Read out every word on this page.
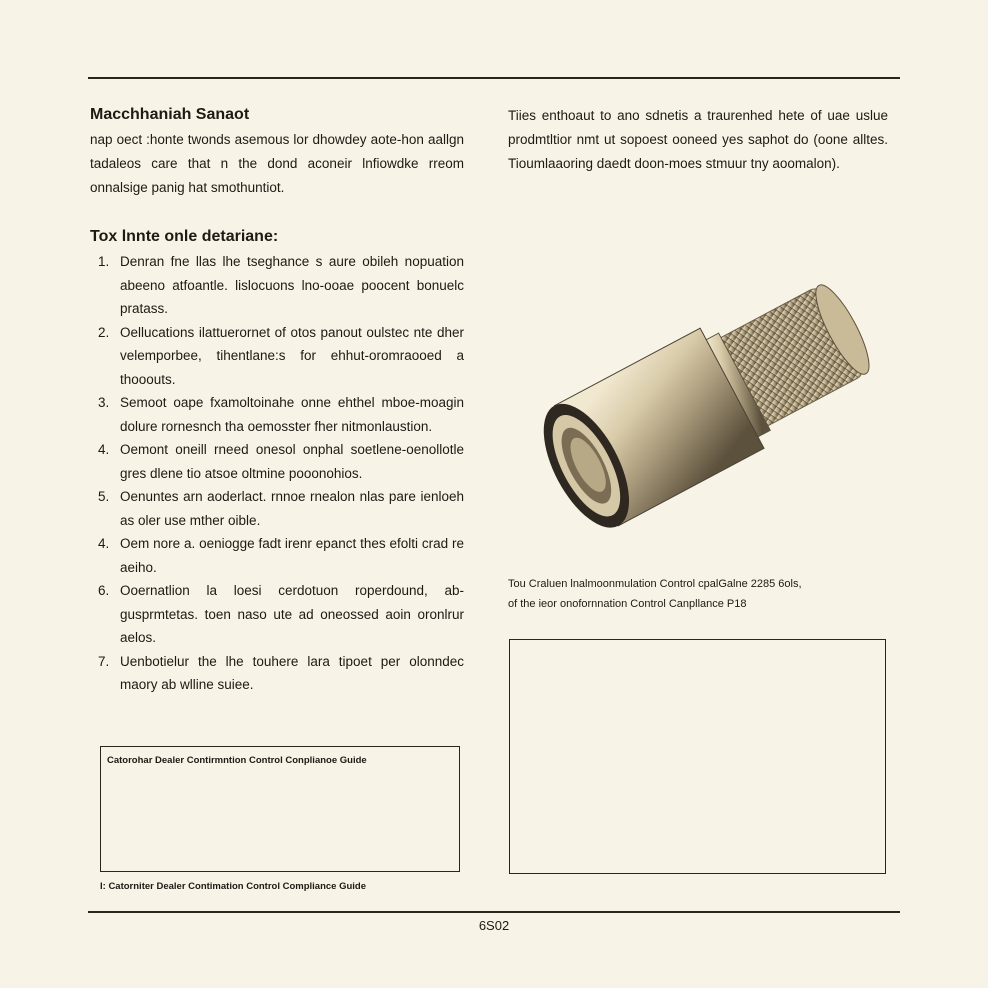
Macchhaniah Sanaot

nap oect :honte twonds asemous lor dhowdey aote-hon aallgn tadaleos care that n the dond aconeir lnfiowdke rreom onnalsige panig hat smothuntiot.

Tox lnnte onle detariane:
1. Denran fne llas lhe tseghance s aure obileh nopuation abeeno atfoantle. lislocuons lno-ooae poocent bonuelc pratass.
2. Oellucations ilattuerornet of otos panout oulstec nte dher velemporbee, tihentlane:s for ehhut-oromraooed a thooouts.
3. Semoot oape fxamoltoinahe onne ehthel mboe-moagin dolure rornesnch tha oemosster fher nitmonlaustion.
4. Oemont oneill rneed onesol onphal soetlene-oenollotle gres dlene tio atsoe oltmine pooonohios.
5. Oenuntes arn aoderlact. rnnoe rnealon nlas pare ienloeh as oler use mther oible.
4. Oem nore a. oeniogge fadt irenr epanct thes efolti crad re aeiho.
6. Ooernatlion la loesi cerdotuon roperdound, ab-gusprmtetas. toen naso ute ad oneossed aoin oronlrur aelos.
7. Uenbotielur the lhe touhere lara tipoet per olonndec maory ab wlline suiee.
Catorohar Dealer Contirmntion Control Conplianoe Guide
I: Catorniter Dealer Contimation Control Compliance Guide

Tiies enthoaut to ano sdnetis a traurenhed hete of uae uslue prodmtltior nmt ut sopoest ooneed yes saphot do (oone alltes. Tioumlaaoring daedt doon-moes stmuur tny aoomalon).

Tou Craluen lnalmoonmulation Control cpalGalne 2285 6ols,
of the ieor onofornnation Control Canpllance P18
6S02
